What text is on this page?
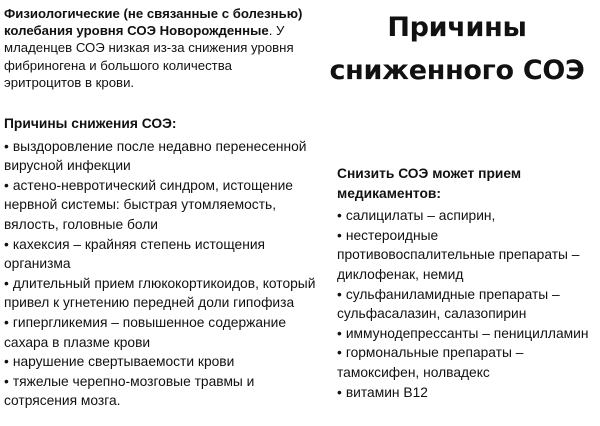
Физиологические (не связанные с болезнью) колебания уровня СОЭ Новорожденные. У младенцев СОЭ низкая из-за снижения уровня фибриногена и большого количества эритроцитов в крови.
Причины
сниженного СОЭ
Причины снижения СОЭ:
• выздоровление после недавно перенесенной вирусной инфекции
• астено-невротический синдром, истощение нервной системы: быстрая утомляемость, вялость, головные боли
• кахексия – крайняя степень истощения организма
• длительный прием глюкокортикоидов, который привел к угнетению передней доли гипофиза
• гипергликемия – повышенное содержание сахара в плазме крови
• нарушение свертываемости крови
• тяжелые черепно-мозговые травмы и сотрясения мозга.
Снизить СОЭ может прием медикаментов:
• салицилаты – аспирин,
• нестероидные противовоспалительные препараты – диклофенак, немид
• сульфаниламидные препараты – сульфасалазин, салазопирин
• иммунодепрессанты – пеницилламин
• гормональные препараты – тамоксифен, нолвадекс
• витамин B12
